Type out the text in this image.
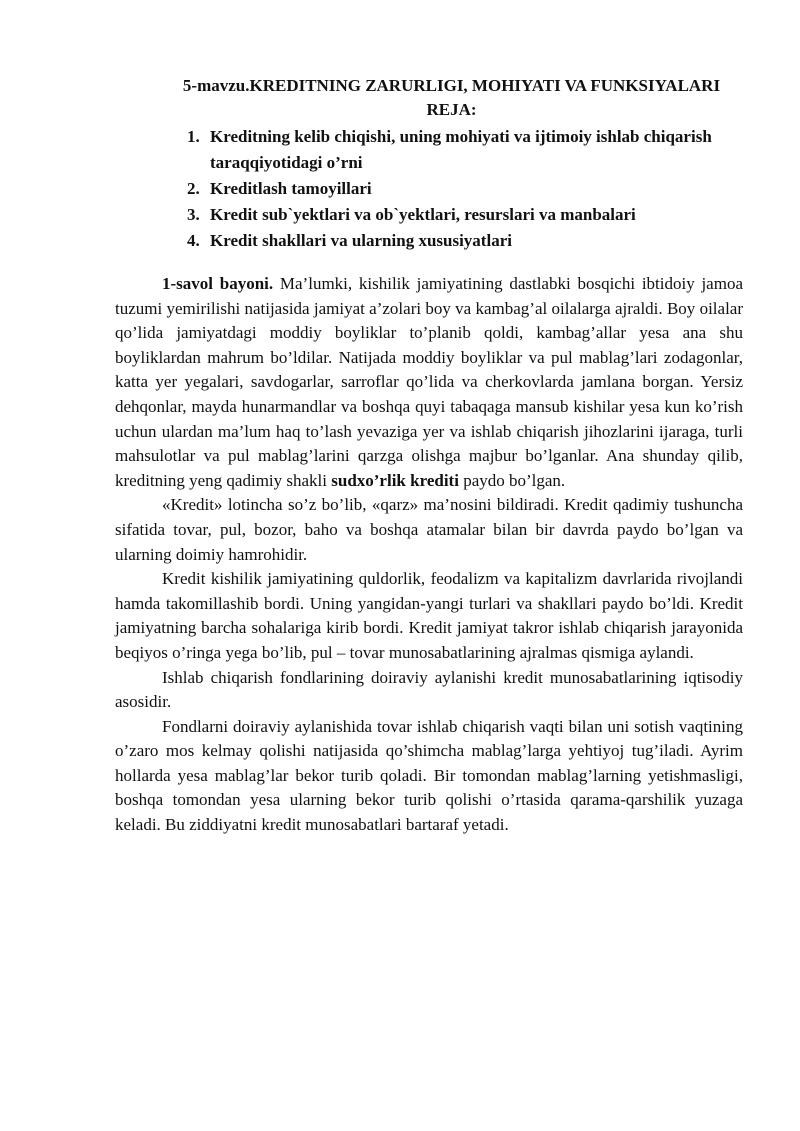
5-mavzu.KREDITNING ZARURLIGI, MOHIYATI VA FUNKSIYALARI
REJA:
1. Kreditning kelib chiqishi, uning mohiyati va ijtimoiy ishlab chiqarish taraqqiyotidagi o’rni
2. Kreditlash tamoyillari
3. Kredit sub`yektlari va ob`yektlari, resurslari va manbalari
4. Kredit shakllari va ularning xususiyatlari

1-savol bayoni. Ma’lumki, kishilik jamiyatining dastlabki bosqichi ibtidoiy jamoa tuzumi yemirilishi natijasida jamiyat a’zolari boy va kambag’al oilalarga ajraldi. Boy oilalar qo’lida jamiyatdagi moddiy boyliklar to’planib qoldi, kambag’allar yesa ana shu boyliklardan mahrum bo’ldilar. Natijada moddiy boyliklar va pul mablag’lari zodagonlar, katta yer yegalari, savdogarlar, sarroflar qo’lida va cherkovlarda jamlana borgan. Yersiz dehqonlar, mayda hunarmandlar va boshqa quyi tabaqaga mansub kishilar yesa kun ko’rish uchun ulardan ma’lum haq to’lash yevaziga yer va ishlab chiqarish jihozlarini ijaraga, turli mahsulotlar va pul mablag’larini qarzga olishga majbur bo’lganlar. Ana shunday qilib, kreditning yeng qadimiy shakli sudxo’rlik krediti paydo bo’lgan.

«Kredit» lotincha so’z bo’lib, «qarz» ma’nosini bildiradi. Kredit qadimiy tushuncha sifatida tovar, pul, bozor, baho va boshqa atamalar bilan bir davrda paydo bo’lgan va ularning doimiy hamrohidir.

Kredit kishilik jamiyatining quldorlik, feodalizm va kapitalizm davrlarida rivojlandi hamda takomillashib bordi. Uning yangidan-yangi turlari va shakllari paydo bo’ldi. Kredit jamiyatning barcha sohalariga kirib bordi. Kredit jamiyat takror ishlab chiqarish jarayonida beqiyos o’ringa yega bo’lib, pul – tovar munosabatlarining ajralmas qismiga aylandi.

Ishlab chiqarish fondlarining doiraviy aylanishi kredit munosabatlarining iqtisodiy asosidir.

Fondlarni doiraviy aylanishida tovar ishlab chiqarish vaqti bilan uni sotish vaqtining o’zaro mos kelmay qolishi natijasida qo’shimcha mablag’larga yehtiyoj tug’iladi. Ayrim hollarda yesa mablag’lar bekor turib qoladi. Bir tomondan mablag’larning yetishmasligi, boshqa tomondan yesa ularning bekor turib qolishi o’rtasida qarama-qarshilik yuzaga keladi. Bu ziddiyatni kredit munosabatlari bartaraf yetadi.
